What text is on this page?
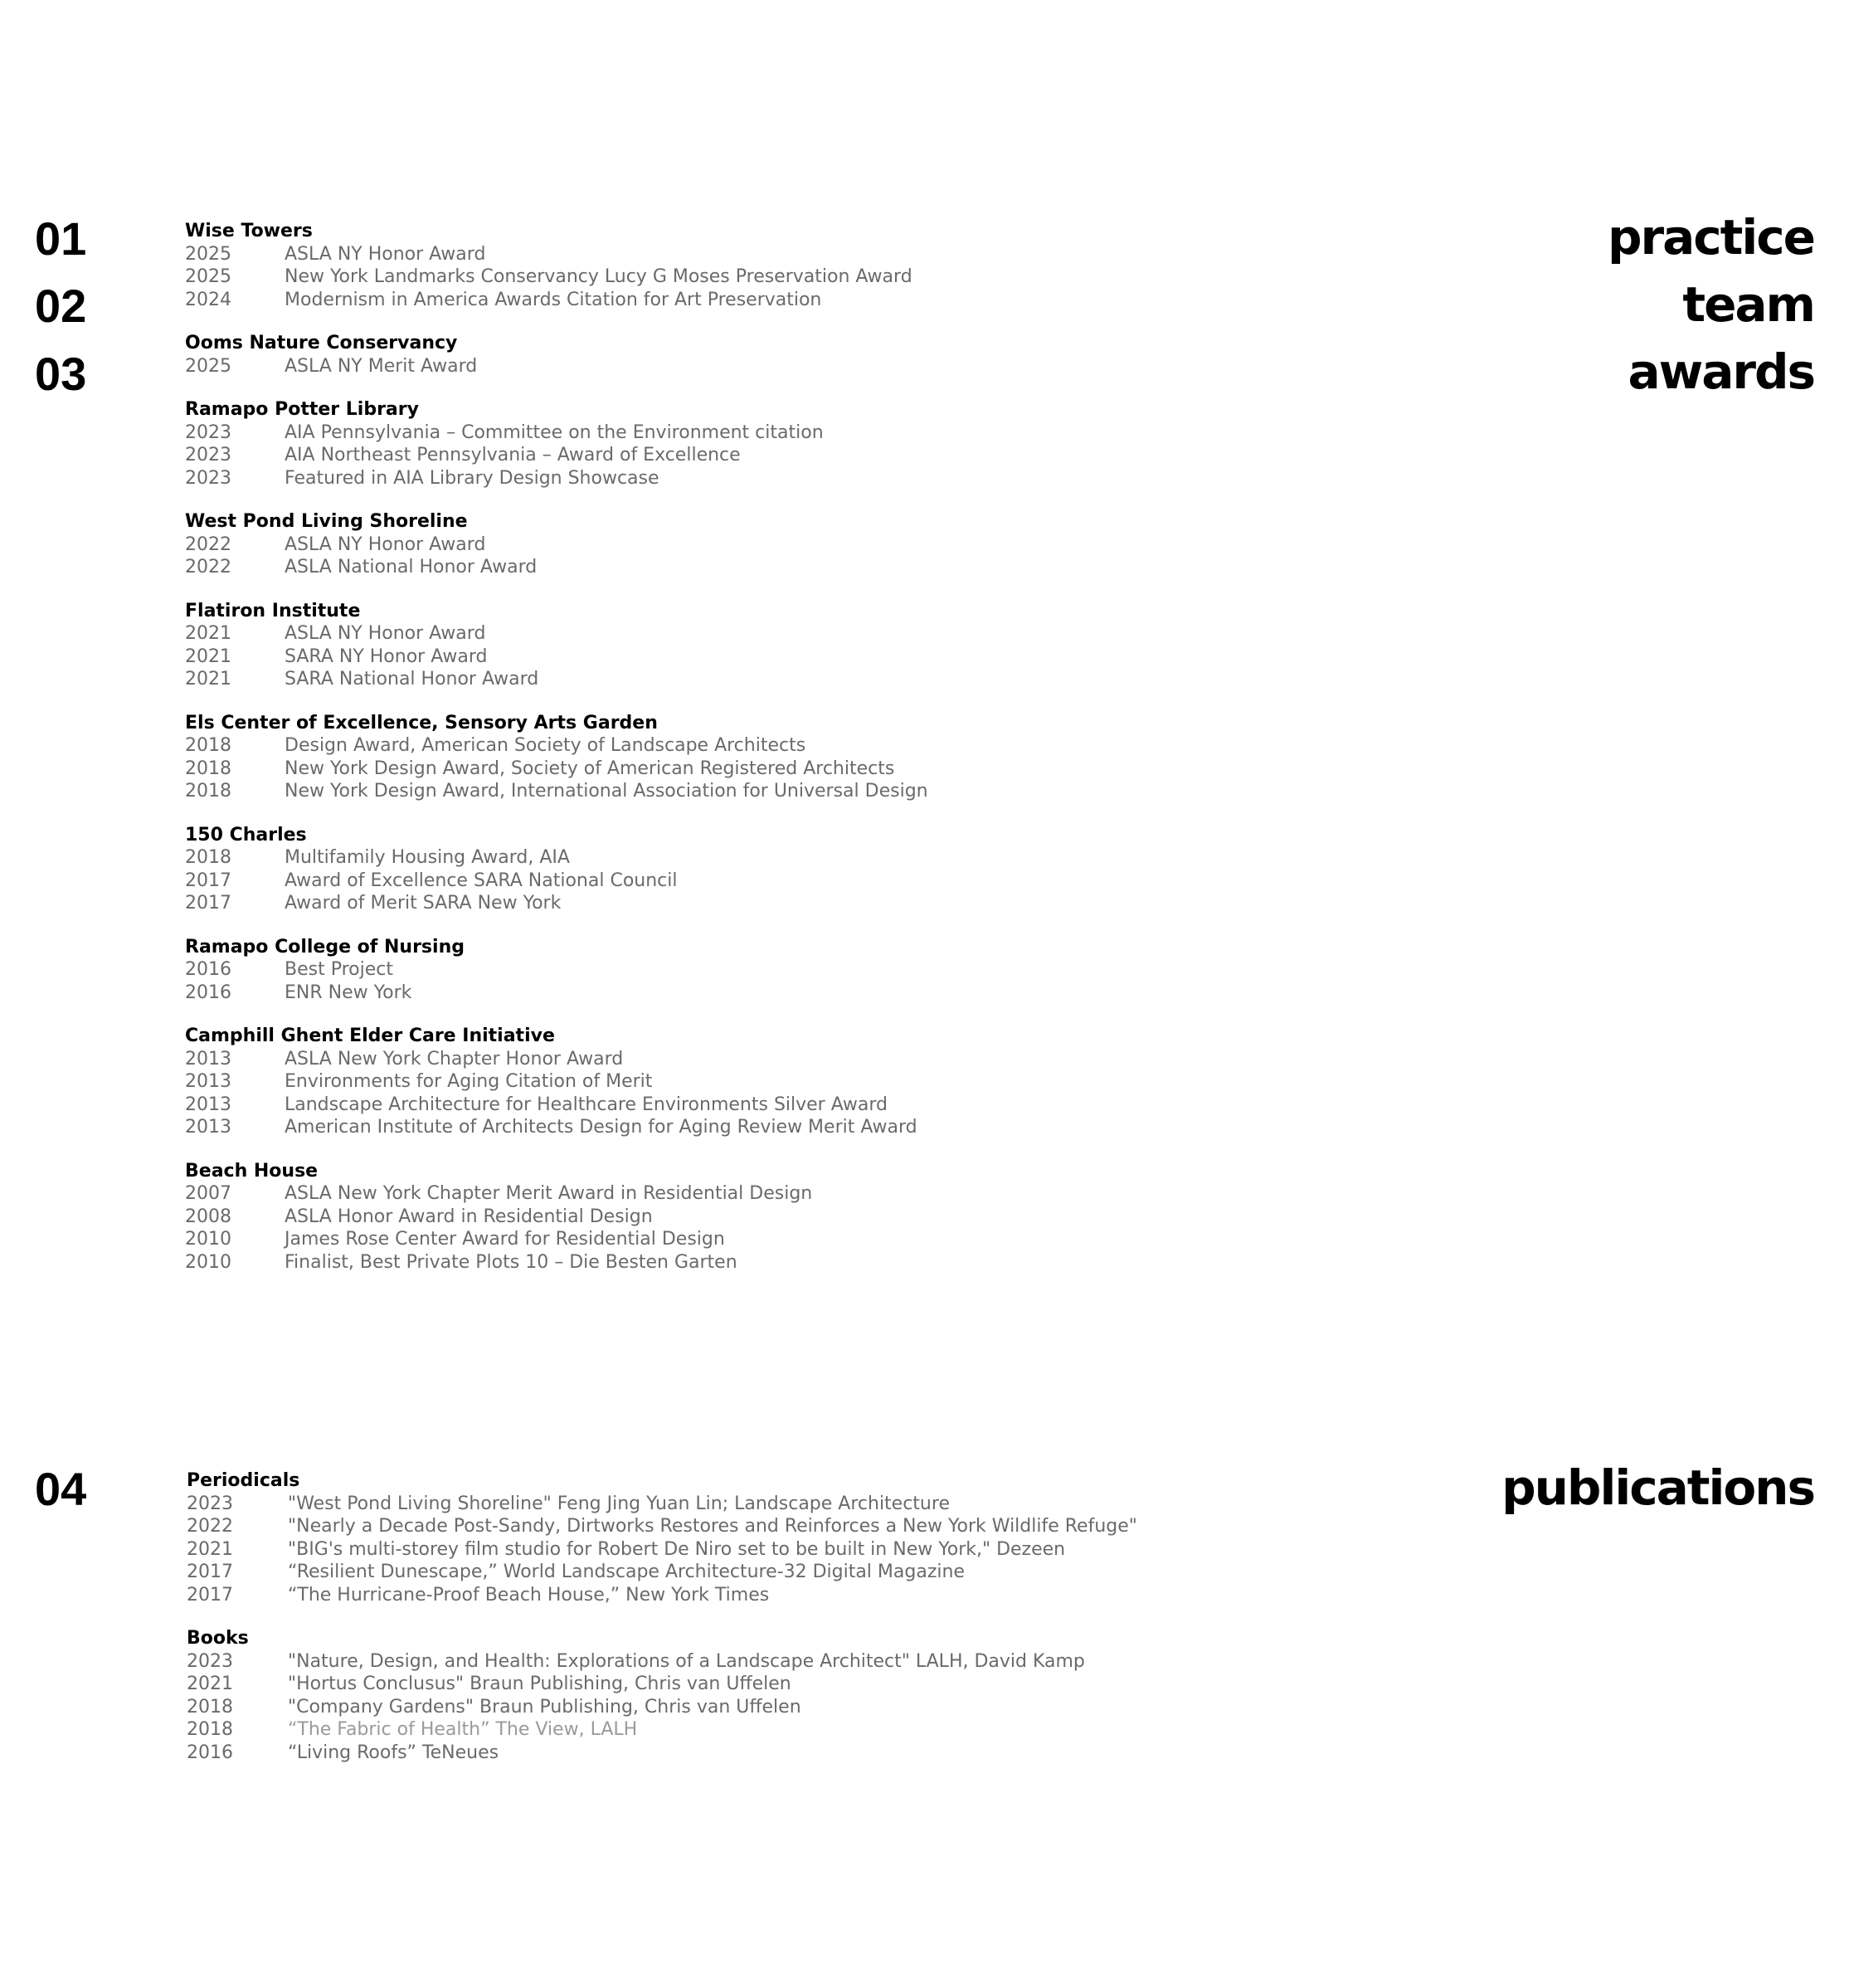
01
02
03
04
practice
team
awards
publications
Wise Towers
2025	ASLA NY Honor Award
2025	New York Landmarks Conservancy Lucy G Moses Preservation Award
2024	Modernism in America Awards Citation for Art Preservation
Ooms Nature Conservancy
2025	ASLA NY Merit Award
Ramapo Potter Library
2023	AIA Pennsylvania – Committee on the Environment citation
2023	AIA Northeast Pennsylvania – Award of Excellence
2023	Featured in AIA Library Design Showcase
West Pond Living Shoreline
2022	ASLA NY Honor Award
2022	ASLA National Honor Award
Flatiron Institute
2021	ASLA NY Honor Award
2021	SARA NY Honor Award
2021	SARA National Honor Award
Els Center of Excellence, Sensory Arts Garden
2018	Design Award, American Society of Landscape Architects
2018	New York Design Award, Society of American Registered Architects
2018	New York Design Award, International Association for Universal Design
150 Charles
2018	Multifamily Housing Award, AIA
2017	Award of Excellence SARA National Council
2017	Award of Merit SARA New York
Ramapo College of Nursing
2016	Best Project
2016	ENR New York
Camphill Ghent Elder Care Initiative
2013	ASLA New York Chapter Honor Award
2013	Environments for Aging Citation of Merit
2013	Landscape Architecture for Healthcare Environments Silver Award
2013	American Institute of Architects Design for Aging Review Merit Award
Beach House
2007	ASLA New York Chapter Merit Award in Residential Design
2008	ASLA Honor Award in Residential Design
2010	James Rose Center Award for Residential Design
2010	Finalist, Best Private Plots 10 – Die Besten Garten
Periodicals
2023	"West Pond Living Shoreline" Feng Jing Yuan Lin; Landscape Architecture
2022	"Nearly a Decade Post-Sandy, Dirtworks Restores and Reinforces a New York Wildlife Refuge"
2021	"BIG's multi-storey film studio for Robert De Niro set to be built in New York," Dezeen
2017	“Resilient Dunescape,” World Landscape Architecture-32 Digital Magazine
2017	“The Hurricane-Proof Beach House,” New York Times
Books
2023	"Nature, Design, and Health: Explorations of a Landscape Architect" LALH, David Kamp
2021	"Hortus Conclusus" Braun Publishing, Chris van Uffelen
2018	"Company Gardens" Braun Publishing, Chris van Uffelen
2018	“The Fabric of Health” The View, LALH
2016	“Living Roofs” TeNeues
